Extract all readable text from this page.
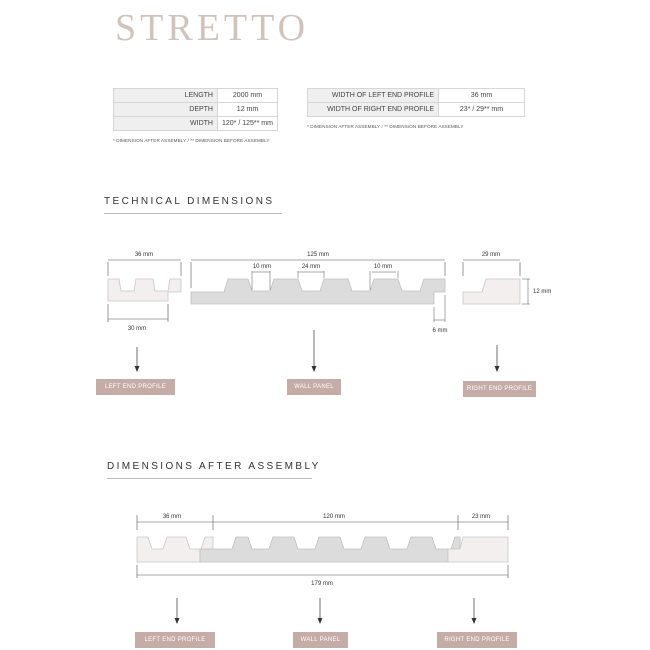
STRETTO
LENGTH	2000 mm
DEPTH	12 mm
WIDTH	120* / 125** mm
* DIMENSION AFTER ASSEMBLY / ** DIMENSION BEFORE ASSEMBLY
WIDTH OF LEFT END PROFILE	36 mm
WIDTH OF RIGHT END PROFILE	23* / 29** mm
* DIMENSION AFTER ASSEMBLY / ** DIMENSION BEFORE ASSEMBLY
TECHNICAL DIMENSIONS
36 mm
30 mm
125 mm
10 mm	24 mm	10 mm
6 mm
29 mm
12 mm
36 mm	120 mm	23 mm
179 mm
LEFT END PROFILE	WALL PANEL	RIGHT END PROFILE
DIMENSIONS AFTER ASSEMBLY
LEFT END PROFILE	WALL PANEL	RIGHT END PROFILE
